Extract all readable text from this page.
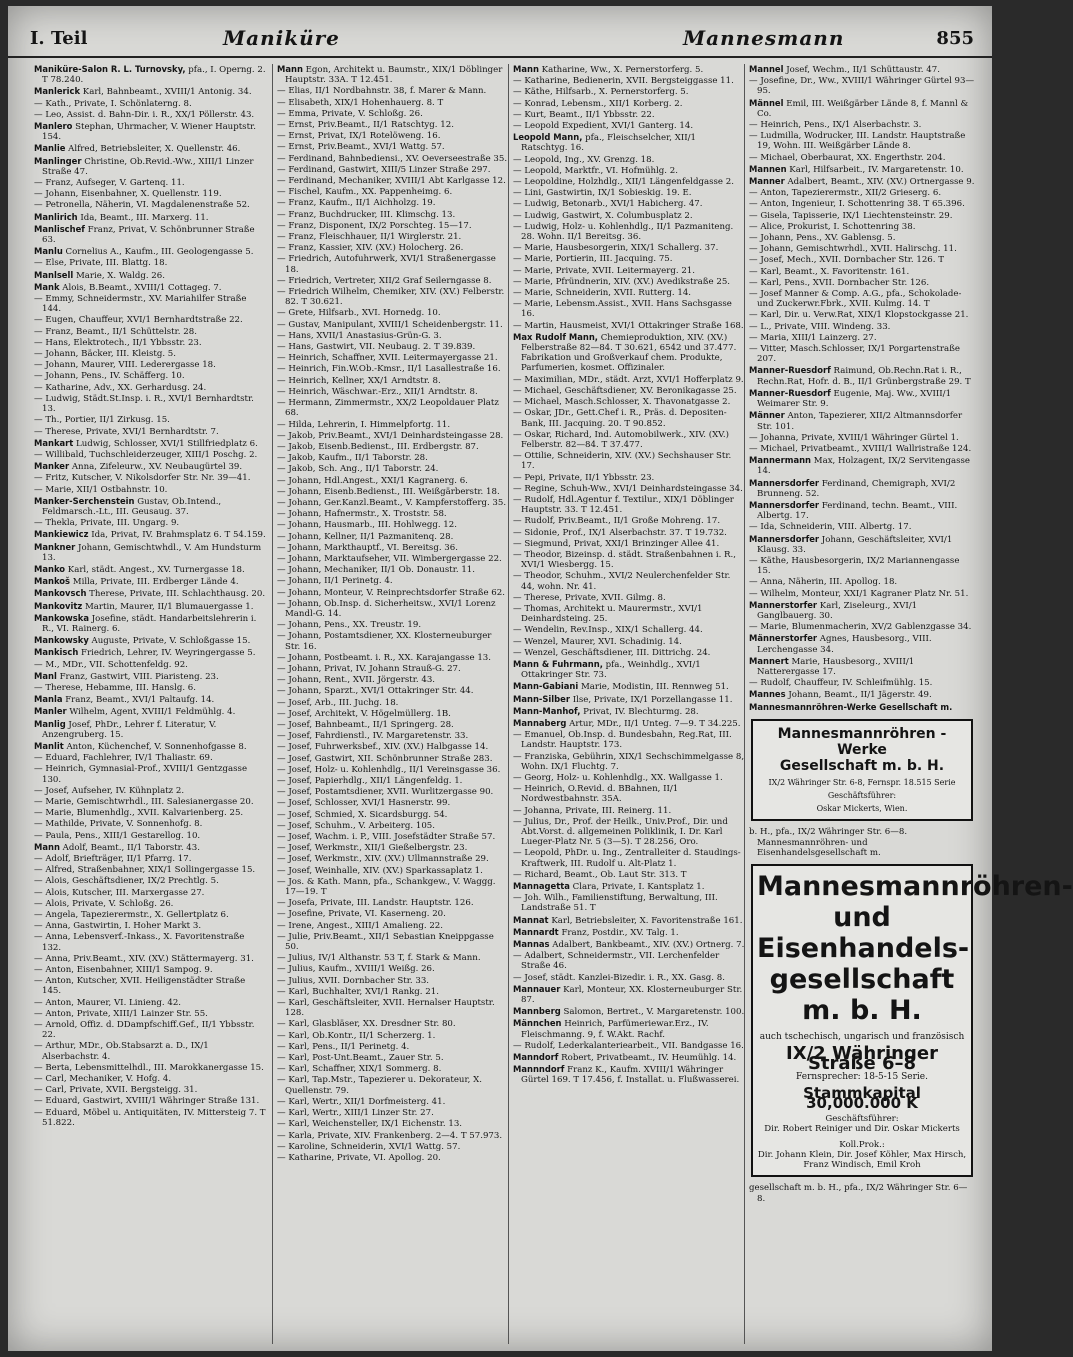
I. Teil	Maniküre	Mannesmann	855
Maniküre-Salon R. L. Turnovsky, pfa., I. Operng. 2. T 78.240.
Manlerick Karl, Bahnbeamt., XVIII/1 Antonig. 34.
— Kath., Private, I. Schönlaterng. 8.
— Leo, Assist. d. Bahn-Dir. i. R., XX/1 Pöllerstr. 43.
Manlero Stephan, Uhrmacher, V. Wiener Hauptstr. 154.
Manlie Alfred, Betriebsleiter, X. Quellenstr. 46.
Manlinger Christine, Ob.Revid.-Ww., XIII/1 Linzer Straße 47.
— Franz, Aufseger, V. Gartenq. 11.
— Johann, Eisenbahner, X. Quellenstr. 119.
— Petronella, Näherin, VI. Magdalenenstraße 52.
Manlirich Ida, Beamt., III. Marxerg. 11.
Manlischef Franz, Privat, V. Schönbrunner Straße 63.
Manlu Cornelius A., Kaufm., III. Geologengasse 5.
— Else, Private, III. Blattg. 18.
Manlsell Marie, X. Waldg. 26.
Mank Alois, B.Beamt., XVIII/1 Cottageg. 7.
— Emmy, Schneidermstr., XV. Mariahilfer Straße 144.
— Eugen, Chauffeur, XVI/1 Bernhardtstraße 22.
— Franz, Beamt., II/1 Schüttelstr. 28.
— Hans, Elektrotech., II/1 Ybbsstr. 23.
— Johann, Bäcker, III. Kleistg. 5.
— Johann, Maurer, VIII. Lederergasse 18.
— Johann, Pens., IV. Schäfferg. 10.
— Katharine, Adv., XX. Gerhardusg. 24.
— Ludwig, Städt.St.Insp. i. R., XVI/1 Bernhardtstr. 13.
— Th., Portier, II/1 Zirkusg. 15.
— Therese, Private, XVI/1 Bernhardtstr. 7.
Mankart Ludwig, Schlosser, XVI/1 Stillfriedplatz 6.
— Willibald, Tuchschleiderzeuger, XIII/1 Poschg. 2.
Manker Anna, Zifeleurw., XV. Neubaugürtel 39.
— Fritz, Kutscher, V. Nikolsdorfer Str. Nr. 39—41.
— Marie, XII/1 Ostbahnstr. 10.
Manker-Serchenstein Gustav, Ob.Intend., Feldmarsch.-Lt., III. Geusaug. 37.
— Thekla, Private, III. Ungarg. 9.
Mankiewicz Ida, Privat, IV. Brahmsplatz 6. T 54.159.
Mankner Johann, Gemischtwhdl., V. Am Hundsturm 13.
Manko Karl, städt. Angest., XV. Turnergasse 18.
Mankoš Milla, Private, III. Erdberger Lände 4.
Mankovsch Therese, Private, III. Schlachthausg. 20.
Mankovitz Martin, Maurer, II/1 Blumauergasse 1.
Mankowska Josefine, städt. Handarbeitslehrerin i. R., VI. Rainerg. 6.
Mankowsky Auguste, Private, V. Schloßgasse 15.
Mankisch Friedrich, Lehrer, IV. Weyringergasse 5.
— M., MDr., VII. Schottenfeldg. 92.
Manl Franz, Gastwirt, VIII. Piaristeng. 23.
— Therese, Hebamme, III. Hanslg. 6.
Manla Franz, Beamt., XVI/1 Paltaufg. 14.
Manler Wilhelm, Agent, XVIII/1 Feldmühlg. 4.
Manlig Josef, PhDr., Lehrer f. Literatur, V. Anzengruberg. 15.
Manlit Anton, Küchenchef, V. Sonnenhofgasse 8.
— Eduard, Fachlehrer, IV/1 Thaliastr. 69.
— Heinrich, Gymnasial-Prof., XVIII/1 Gentzgasse 130.
— Josef, Aufseher, IV. Kühnplatz 2.
— Marie, Gemischtwrhdl., III. Salesianergasse 20.
— Marie, Blumenhdlg., XVII. Kalvarienberg. 25.
— Mathilde, Private, V. Sonnenhofg. 8.
— Paula, Pens., XIII/1 Gestarellog. 10.
Mann Adolf, Beamt., II/1 Taborstr. 43.
— Adolf, Briefträger, II/1 Pfarrg. 17.
— Alfred, Straßenbahner, XIX/1 Sollingergasse 15.
— Alois, Geschäftsdiener, IX/2 Prechtlg. 5.
— Alois, Kutscher, III. Marxergasse 27.
— Alois, Private, V. Schloßg. 26.
— Angela, Tapezierermstr., X. Gellertplatz 6.
— Anna, Gastwirtin, I. Hoher Markt 3.
— Anna, Lebensverf.-Inkass., X. Favoritenstraße 132.
— Anna, Priv.Beamt., XIV. (XV.) Stättermayerg. 31.
— Anton, Eisenbahner, XIII/1 Sampog. 9.
— Anton, Kutscher, XVII. Heiligenstädter Straße 145.
— Anton, Maurer, VI. Linieng. 42.
— Anton, Private, XIII/1 Lainzer Str. 55.
— Arnold, Offiz. d. DDampfschiff.Gef., II/1 Ybbsstr. 22.
— Arthur, MDr., Ob.Stabsarzt a. D., IX/1 Alserbachstr. 4.
— Berta, Lebensmittelhdl., III. Marokkanergasse 15.
— Carl, Mechaniker, V. Hofg. 4.
— Carl, Private, XVII. Bergsteigg. 31.
— Eduard, Gastwirt, XVIII/1 Währinger Straße 131.
— Eduard, Möbel u. Antiquitäten, IV. Mittersteig 7. T 51.822.
Mann Egon, Architekt u. Baumstr., XIX/1 Döblinger Hauptstr. 33A. T 12.451.
— Elias, II/1 Nordbahnstr. 38, f. Marer & Mann.
— Elisabeth, XIX/1 Hohenhauerg. 8. T
— Emma, Private, V. Schloßg. 26.
— Ernst, Priv.Beamt., II/1 Ratschtyg. 12.
— Ernst, Privat, IX/1 Rotelöweng. 16.
— Ernst, Priv.Beamt., XVI/1 Wattg. 57.
— Ferdinand, Bahnbediensi., XV. Oeverseestraße 35.
— Ferdinand, Gastwirt, XIII/5 Linzer Straße 297.
— Ferdinand, Mechaniker, XVIII/1 Abt Karlgasse 12.
— Fischel, Kaufm., XX. Pappenheimg. 6.
— Franz, Kaufm., II/1 Aichholzg. 19.
— Franz, Buchdrucker, III. Klimschg. 13.
— Franz, Disponent, IX/2 Porschteg. 15—17.
— Franz, Fleischhauer, II/1 Wirglerstr. 21.
— Franz, Kassier, XIV. (XV.) Holocherg. 26.
— Friedrich, Autofuhrwerk, XVI/1 Straßenergasse 18.
— Friedrich, Vertreter, XII/2 Graf Seilerngasse 8.
— Friedrich Wilhelm, Chemiker, XIV. (XV.) Felberstr. 82. T 30.621.
— Grete, Hilfsarb., XVI. Hornedg. 10.
— Gustav, Manipulant, XVIII/1 Scheidenbergstr. 11.
— Hans, XVII/1 Anastasius-Grün-G. 3.
— Hans, Gastwirt, VII. Neubaug. 2. T 39.839.
— Heinrich, Schaffner, XVII. Leitermayergasse 21.
— Heinrich, Fin.W.Ob.-Kmsr., II/1 Lasallestraße 16.
— Heinrich, Kellner, XX/1 Arndtstr. 8.
— Heinrich, Wäschwar.-Erz., XII/1 Arndtstr. 8.
— Hermann, Zimmermstr., XX/2 Leopoldauer Platz 68.
— Hilda, Lehrerin, I. Himmelpfortg. 11.
— Jakob, Priv.Beamt., XVI/1 Deinhardsteingasse 28.
— Jakob, Eisenb.Bedienst., III. Erdbergstr. 87.
— Jakob, Kaufm., II/1 Taborstr. 28.
— Jakob, Sch. Ang., II/1 Taborstr. 24.
— Johann, Hdl.Angest., XXI/1 Kagranerg. 6.
— Johann, Eisenb.Bedienst., III. Weißgärberstr. 18.
— Johann, Ger.Kanzl.Beamt., V. Kampferstofferg. 35.
— Johann, Hafnermstr., X. Troststr. 58.
— Johann, Hausmarb., III. Hohlwegg. 12.
— Johann, Kellner, II/1 Pazmanitenq. 28.
— Johann, Markthauptf., VI. Bereitsg. 36.
— Johann, Marktaufseher, VII. Wimbergergasse 22.
— Johann, Mechaniker, II/1 Ob. Donaustr. 11.
— Johann, II/1 Perinetg. 4.
— Johann, Monteur, V. Reinprechtsdorfer Straße 62.
— Johann, Ob.Insp. d. Sicherheitsw., XVI/1 Lorenz Mandl-G. 14.
— Johann, Pens., XX. Treustr. 19.
— Johann, Postamtsdiener, XX. Klosterneuburger Str. 16.
— Johann, Postbeamt. i. R., XX. Karajangasse 13.
— Johann, Privat, IV. Johann Strauß-G. 27.
— Johann, Rent., XVII. Jörgerstr. 43.
— Johann, Sparzt., XVI/1 Ottakringer Str. 44.
— Josef, Arb., III. Juchg. 18.
— Josef, Architekt, V. Högelmüllerg. 1B.
— Josef, Bahnbeamt., II/1 Springerg. 28.
— Josef, Fahrdienstl., IV. Margaretenstr. 33.
— Josef, Fuhrwerksbef., XIV. (XV.) Halbgasse 14.
— Josef, Gastwirt, XII. Schönbrunner Straße 283.
— Josef, Holz- u. Kohlenhdlg., II/1 Vereinsgasse 36.
— Josef, Papierhdlg., XII/1 Längenfeldg. 1.
— Josef, Postamtsdiener, XVII. Wurlitzergasse 90.
— Josef, Schlosser, XVI/1 Hasnerstr. 99.
— Josef, Schmied, X. Sicardsburgg. 54.
— Josef, Schuhm., V. Arbeiterg. 105.
— Josef, Wachm. i. P., VIII. Josefstädter Straße 57.
— Josef, Werkmstr., XII/1 Gießelbergstr. 23.
— Josef, Werkmstr., XIV. (XV.) Ullmannstraße 29.
— Josef, Weinhalle, XIV. (XV.) Sparkassaplatz 1.
— Jos. & Kath. Mann, pfa., Schankgew., V. Waggg. 17—19. T
— Josefa, Private, III. Landstr. Hauptstr. 126.
— Josefine, Private, VI. Kaserneng. 20.
— Irene, Angest., XIII/1 Amalieng. 22.
— Julie, Priv.Beamt., XII/1 Sebastian Kneippgasse 50.
— Julius, IV/1 Althanstr. 53 T, f. Stark & Mann.
— Julius, Kaufm., XVIII/1 Weißg. 26.
— Julius, XVII. Dornbacher Str. 33.
— Karl, Buchhalter, XVI/1 Rankg. 21.
— Karl, Geschäftsleiter, XVII. Hernalser Hauptstr. 128.
— Karl, Glasbläser, XX. Dresdner Str. 80.
— Karl, Ob.Kontr., II/1 Scherzerg. 1.
— Karl, Pens., II/1 Perinetg. 4.
— Karl, Post-Unt.Beamt., Zauer Str. 5.
— Karl, Schaffner, XIX/1 Sommerg. 8.
— Karl, Tap.Mstr., Tapezierer u. Dekorateur, X. Quellenstr. 79.
— Karl, Wertr., XII/1 Dorfmeisterg. 41.
— Karl, Wertr., XIII/1 Linzer Str. 27.
— Karl, Weichensteller, IX/1 Eichenstr. 13.
— Karla, Private, XIV. Frankenberg. 2—4. T 57.973.
— Karoline, Schneiderin, XVI/1 Wattg. 57.
— Katharine, Private, VI. Apollog. 20.
Mann Katharine, Ww., X. Pernerstorferg. 5.
— Katharine, Bedienerin, XVII. Bergsteiggasse 11.
— Käthe, Hilfsarb., X. Pernerstorferg. 5.
— Konrad, Lebensm., XII/1 Korberg. 2.
— Kurt, Beamt., II/1 Ybbsstr. 22.
— Leopold Expedient, XVI/1 Ganterg. 14.
Leopold Mann, pfa., Fleischselcher, XII/1 Ratschtyg. 16.
— Leopold, Ing., XV. Grenzg. 18.
— Leopold, Marktfr., VI. Hofmühlg. 2.
— Leopoldine, Holzhdlg., XII/1 Längenfeldgasse 2.
— Lini, Gastwirtin, IX/1 Sobieskig. 19. E.
— Ludwig, Betonarb., XVI/1 Habicherg. 47.
— Ludwig, Gastwirt, X. Columbusplatz 2.
— Ludwig, Holz- u. Kohlenhdlg., II/1 Pazmaniteng. 28. Wohn. II/1 Bereitsg. 36.
— Marie, Hausbesorgerin, XIX/1 Schallerg. 37.
— Marie, Portierin, III. Jacquing. 75.
— Marie, Private, XVII. Leitermayerg. 21.
— Marie, Pfründnerin, XIV. (XV.) Avedikstraße 25.
— Marie, Schneiderin, XVII. Rutterg. 14.
— Marie, Lebensm.Assist., XVII. Hans Sachsgasse 16.
— Martin, Hausmeist, XVI/1 Ottakringer Straße 168.
Max Rudolf Mann, Chemieproduktion, XIV. (XV.) Felberstraße 82—84. T 30.621, 6542 und 37.477. Fabrikation und Großverkauf chem. Produkte, Parfumerien, kosmet. Offizinaler.
— Maximilian, MDr., städt. Arzt, XVI/1 Hofferplatz 9.
— Michael, Geschäftsdiener, XV. Beronikagasse 25.
— Michael, Masch.Schlosser, X. Thavonatgasse 2.
— Oskar, JDr., Gett.Chef i. R., Präs. d. Depositen-Bank, III. Jacquing. 20. T 90.852.
— Oskar, Richard, Ind. Automobilwerk., XIV. (XV.) Felberstr. 82—84. T 37.477.
— Ottilie, Schneiderin, XIV. (XV.) Sechshauser Str. 17.
— Pepi, Private, II/1 Ybbsstr. 23.
— Regine, Schuh-Ww., XVI/1 Deinhardsteingasse 34.
— Rudolf, Hdl.Agentur f. Textilur., XIX/1 Döblinger Hauptstr. 33. T 12.451.
— Rudolf, Priv.Beamt., II/1 Große Mohreng. 17.
— Sidonie, Prof., IX/1 Alserbachstr. 37. T 19.732.
— Siegmund, Privat, XXI/1 Brinzinger Allee 41.
— Theodor, Bizeinsp. d. städt. Straßenbahnen i. R., XVI/1 Wiesbergg. 15.
— Theodor, Schuhm., XVI/2 Neulerchenfelder Str. 44, wohn. Nr. 41.
— Therese, Private, XVII. Gilmg. 8.
— Thomas, Architekt u. Maurermstr., XVI/1 Deinhardsteing. 25.
— Wendelin, Rev.Insp., XIX/1 Schallerg. 44.
— Wenzel, Maurer, XVI. Schadinig. 14.
— Wenzel, Geschäftsdiener, III. Dittrichg. 24.
Mann & Fuhrmann, pfa., Weinhdlg., XVI/1 Ottakringer Str. 73.
Mann-Gabiani Marie, Modistin, III. Rennweg 51.
Mann-Silber Ilse, Private, IX/1 Porzellangasse 11.
Mann-Manhof, Privat, IV. Blechturmg. 28.
Mannaberg Artur, MDr., II/1 Unteg. 7—9. T 34.225.
— Emanuel, Ob.Insp. d. Bundesbahn, Reg.Rat, III. Landstr. Hauptstr. 173.
— Franziska, Gebührin, XIX/1 Sechschimmelgasse 8, Wohn. IX/1 Fluchtg. 7.
— Georg, Holz- u. Kohlenhdlg., XX. Wallgasse 1.
— Heinrich, O.Revid. d. BBahnen, II/1 Nordwestbahnstr. 35A.
— Johanna, Private, III. Reinerg. 11.
— Julius, Dr., Prof. der Heilk., Univ.Prof., Dir. und Abt.Vorst. d. allgemeinen Poliklinik, I. Dr. Karl Lueger-Platz Nr. 5 (3—5). T 28.256, Oro.
— Leopold, PhDr. u. Ing., Zentralleiter d. Staudings-Kraftwerk, III. Rudolf u. Alt-Platz 1.
— Richard, Beamt., Ob. Laut Str. 313. T
Mannagetta Clara, Private, I. Kantsplatz 1.
— Joh. Wilh., Familienstiftung, Berwaltung, III. Landstraße 51. T
Mannat Karl, Betriebsleiter, X. Favoritenstraße 161.
Mannardt Franz, Postdir., XV. Talg. 1.
Mannas Adalbert, Bankbeamt., XIV. (XV.) Ortnerg. 7.
— Adalbert, Schneidermstr., VII. Lerchenfelder Straße 46.
— Josef, städt. Kanzlei-Bizedir. i. R., XX. Gasg. 8.
Mannauer Karl, Monteur, XX. Klosterneuburger Str. 87.
Mannberg Salomon, Bertret., V. Margaretenstr. 100.
Männchen Heinrich, Parfümeriewar.Erz., IV. Fleischmanng. 9, f. W.Akt. Rachf.
— Rudolf, Lederkalanteriearbeit., VII. Bandgasse 16.
Manndorf Robert, Privatbeamt., IV. Heumühlg. 14.
Mannndorf Franz K., Kaufm. XVIII/1 Währinger Gürtel 169. T 17.456, f. Installat. u. Flußwasserei.
Mannel Josef, Wechm., II/1 Schüttaustr. 47.
— Josefine, Dr., Ww., XVIII/1 Währinger Gürtel 93—95.
Männel Emil, III. Weißgärber Lände 8, f. Mannl & Co.
— Heinrich, Pens., IX/1 Alserbachstr. 3.
— Ludmilla, Wodrucker, III. Landstr. Hauptstraße 19, Wohn. III. Weißgärber Lände 8.
— Michael, Oberbaurat, XX. Engerthstr. 204.
Mannen Karl, Hilfsarbeit., IV. Margaretenstr. 10.
Manner Adalbert, Beamt., XIV. (XV.) Ortnergasse 9.
— Anton, Tapezierermstr., XII/2 Grieserg. 6.
— Anton, Ingenieur, I. Schottenring 38. T 65.396.
— Gisela, Tapisserie, IX/1 Liechtensteinstr. 29.
— Alice, Prokurist, I. Schottenring 38.
— Johann, Pens., XV. Gablensg. 5.
— Johann, Gemischtwrhdl., XVII. Halirschg. 11.
— Josef, Mech., XVII. Dornbacher Str. 126. T
— Karl, Beamt., X. Favoritenstr. 161.
— Karl, Pens., XVII. Dornbacher Str. 126.
— Josef Manner & Comp. A.G., pfa., Schokolade- und Zuckerwr.Fbrk., XVII. Kulmg. 14. T
— Karl, Dir. u. Verw.Rat, XIX/1 Klopstockgasse 21.
— L., Private, VIII. Windeng. 33.
— Maria, XIII/1 Lainzerg. 27.
— Vitter, Masch.Schlosser, IX/1 Porgartenstraße 207.
Manner-Ruesdorf Raimund, Ob.Rechn.Rat i. R., Rechn.Rat, Hofr. d. B., II/1 Grünbergstraße 29. T
Manner-Ruesdorf Eugenie, Maj. Ww., XVIII/1 Weimarer Str. 9.
Männer Anton, Tapezierer, XII/2 Altmannsdorfer Str. 101.
— Johanna, Private, XVIII/1 Währinger Gürtel 1.
— Michael, Privatbeamt., XVIII/1 Wallristraße 124.
Mannermann Max, Holzagent, IX/2 Servitengasse 14.
Mannersdorfer Ferdinand, Chemigraph, XVI/2 Brunneng. 52.
Mannersdorfer Ferdinand, techn. Beamt., VIII. Albertg. 17.
— Ida, Schneiderin, VIII. Albertg. 17.
Mannersdorfer Johann, Geschäftsleiter, XVI/1 Klausg. 33.
— Käthe, Hausbesorgerin, IX/2 Mariannengasse 15.
— Anna, Näherin, III. Apollog. 18.
— Wilhelm, Monteur, XXI/1 Kagraner Platz Nr. 51.
Mannerstorfer Karl, Ziseleurg., XVI/1 Ganglbauerg. 30.
— Marie, Blumenmacherin, XV/2 Gablenzgasse 34.
Männerstorfer Agnes, Hausbesorg., VIII. Lerchengasse 34.
Mannert Marie, Hausbesorg., XVIII/1 Natterergasse 17.
— Rudolf, Chauffeur, IV. Schleifmühlg. 15.
Mannes Johann, Beamt., II/1 Jägerstr. 49.
Mannesmannröhren-Werke Gesellschaft m.
Mannesmannröhren - Werke
Gesellschaft m. b. H.
IX/2 Währinger Str. 6-8, Fernspr. 18.515 Serie
Geschäftsführer:
Oskar Mickerts, Wien.
b. H., pfa., IX/2 Währinger Str. 6—8. Mannesmannröhren- und Eisenhandelsgesellschaft m.
Mannesmannröhren-
und Eisenhandels-
gesellschaft m. b. H.
auch tschechisch, ungarisch und französisch
IX/2 Währinger Straße 6–8
Fernsprecher: 18-5-15 Serie.
Stammkapital 30,000.000 K
Geschäftsführer:
Dir. Robert Reiniger und Dir. Oskar Mickerts
Koll.Prok.:
Dir. Johann Klein, Dir. Josef Köhler, Max Hirsch, Franz Windisch, Emil Kroh
gesellschaft m. b. H., pfa., IX/2 Währinger Str. 6—8.
